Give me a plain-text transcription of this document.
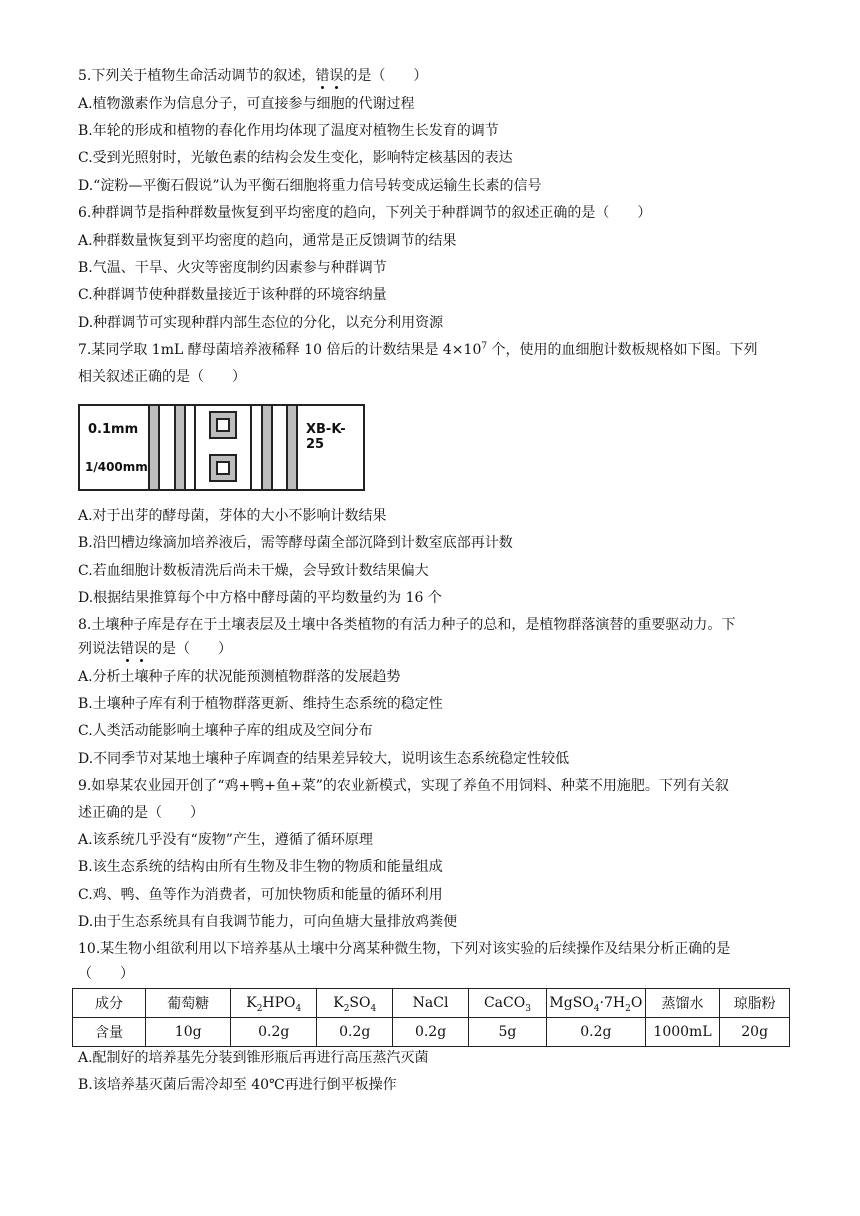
5.下列关于植物生命活动调节的叙述，错误的是（　　）
A.植物激素作为信息分子，可直接参与细胞的代谢过程
B.年轮的形成和植物的春化作用均体现了温度对植物生长发育的调节
C.受到光照射时，光敏色素的结构会发生变化，影响特定核基因的表达
D.“淀粉—平衡石假说”认为平衡石细胞将重力信号转变成运输生长素的信号
6.种群调节是指种群数量恢复到平均密度的趋向，下列关于种群调节的叙述正确的是（　　）
A.种群数量恢复到平均密度的趋向，通常是正反馈调节的结果
B.气温、干旱、火灾等密度制约因素参与种群调节
C.种群调节使种群数量接近于该种群的环境容纳量
D.种群调节可实现种群内部生态位的分化，以充分利用资源
7.某同学取 1mL 酵母菌培养液稀释 10 倍后的计数结果是 $4\times 10^7$ 个，使用的血细胞计数板规格如下图。下列
相关叙述正确的是（　　）
0.1mm
1/400mm
XB-K-25
A.对于出芽的酵母菌，芽体的大小不影响计数结果
B.沿凹槽边缘滴加培养液后，需等酵母菌全部沉降到计数室底部再计数
C.若血细胞计数板清洗后尚未干燥，会导致计数结果偏大
D.根据结果推算每个中方格中酵母菌的平均数量约为 16 个
8.土壤种子库是存在于土壤表层及土壤中各类植物的有活力种子的总和，是植物群落演替的重要驱动力。下
列说法错误的是（　　）
A.分析土壤种子库的状况能预测植物群落的发展趋势
B.土壤种子库有利于植物群落更新、维持生态系统的稳定性
C.人类活动能影响土壤种子库的组成及空间分布
D.不同季节对某地土壤种子库调查的结果差异较大，说明该生态系统稳定性较低
9.如皋某农业园开创了“鸡+鸭+鱼+菜”的农业新模式，实现了养鱼不用饲料、种菜不用施肥。下列有关叙
述正确的是（　　）
A.该系统几乎没有“废物”产生，遵循了循环原理
B.该生态系统的结构由所有生物及非生物的物质和能量组成
C.鸡、鸭、鱼等作为消费者，可加快物质和能量的循环利用
D.由于生态系统具有自我调节能力，可向鱼塘大量排放鸡粪便
10.某生物小组欲利用以下培养基从土壤中分离某种微生物，下列对该实验的后续操作及结果分析正确的是
（　　）
成分	葡萄糖	$K_2HPO_4$	$K_2SO_4$	NaCl	CaCO$_3$	$MgSO_4\cdot 7H_2O$	蒸馏水	琼脂粉
含量	10g	0.2g	0.2g	0.2g	5g	0.2g	1000mL	20g
A.配制好的培养基先分装到锥形瓶后再进行高压蒸汽灭菌
B.该培养基灭菌后需冷却至 40℃再进行倒平板操作
